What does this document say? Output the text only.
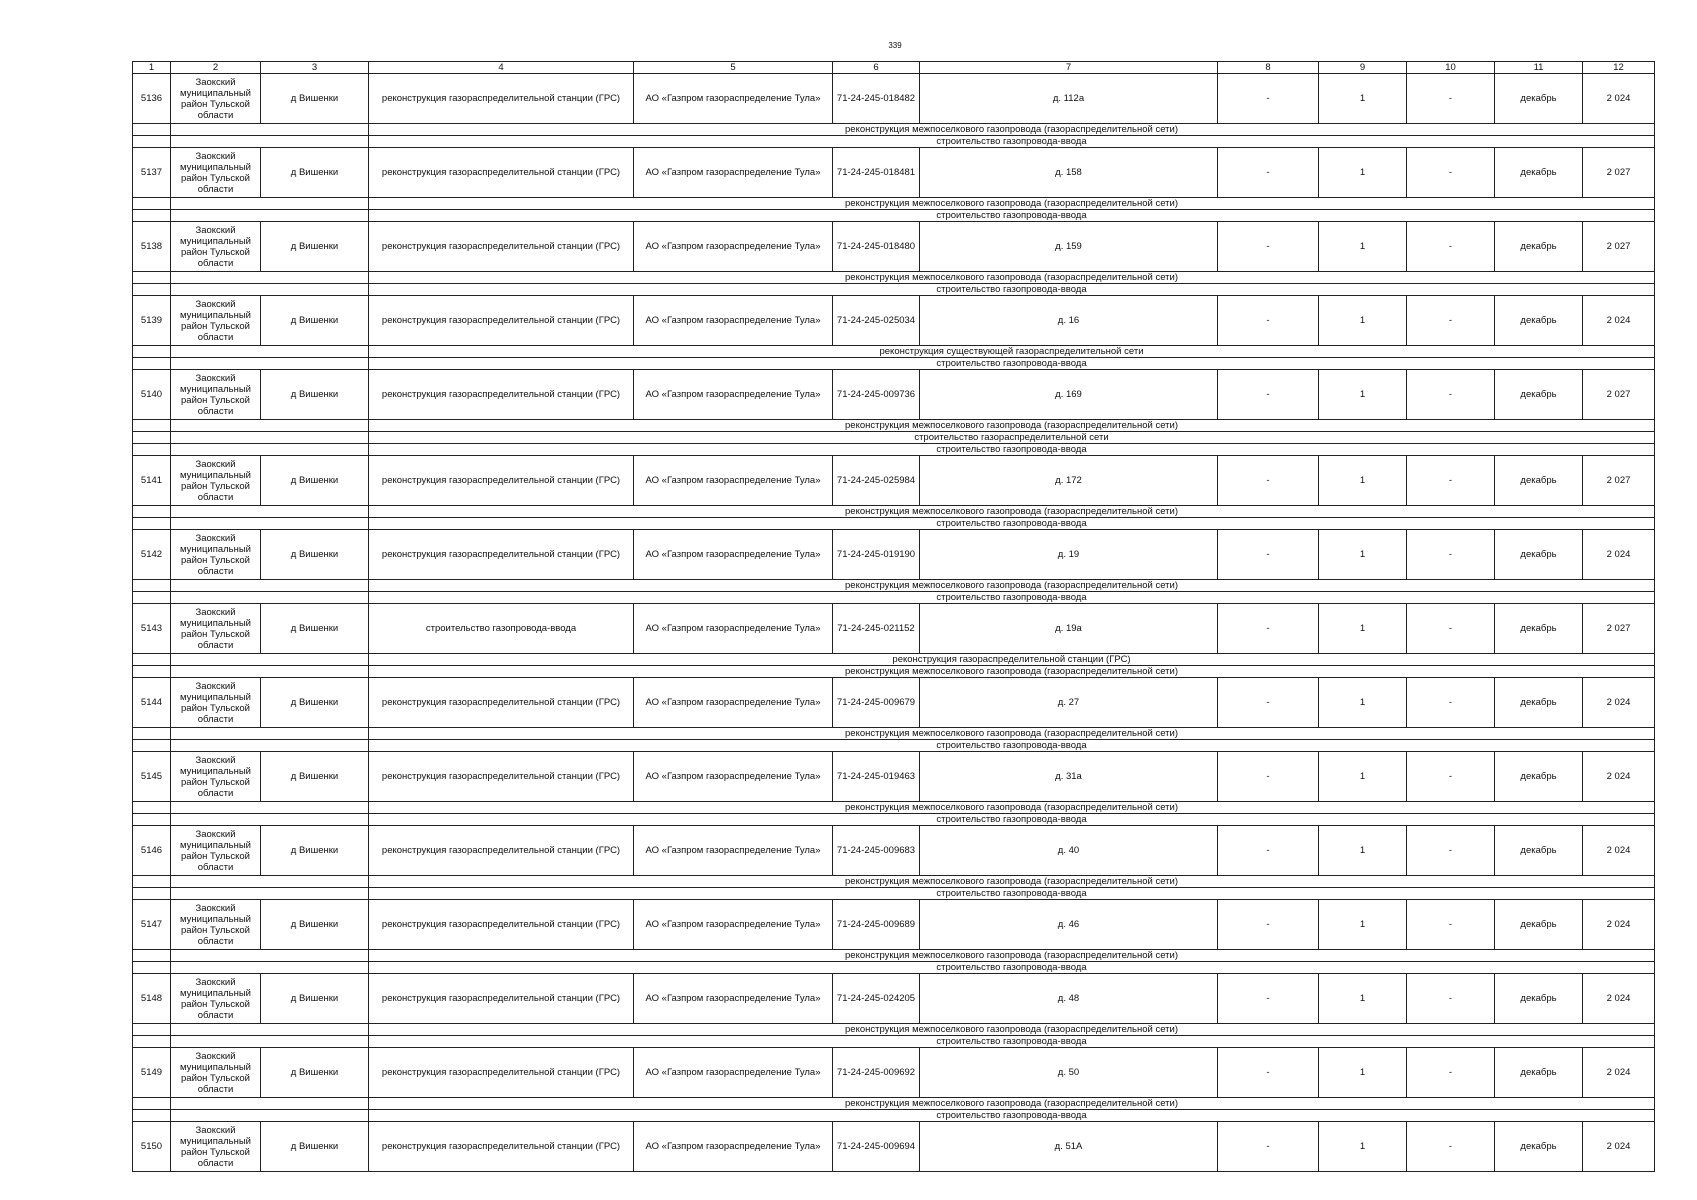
339
1	2	3	4	5	6	7	8	9	10	11	12
5136	Заокский муниципальный район Тульской области	д Вишенки	реконструкция газораспределительной станции (ГРС)	АО «Газпром газораспределение Тула»	71-24-245-018482	д. 112а	-	1	-	декабрь	2 024
			реконструкция межпоселкового газопровода (газораспределительной сети)								
			строительство газопровода-ввода								
5137	Заокский муниципальный район Тульской области	д Вишенки	реконструкция газораспределительной станции (ГРС)	АО «Газпром газораспределение Тула»	71-24-245-018481	д. 158	-	1	-	декабрь	2 027
			реконструкция межпоселкового газопровода (газораспределительной сети)								
			строительство газопровода-ввода								
5138	Заокский муниципальный район Тульской области	д Вишенки	реконструкция газораспределительной станции (ГРС)	АО «Газпром газораспределение Тула»	71-24-245-018480	д. 159	-	1	-	декабрь	2 027
			реконструкция межпоселкового газопровода (газораспределительной сети)								
			строительство газопровода-ввода								
5139	Заокский муниципальный район Тульской области	д Вишенки	реконструкция газораспределительной станции (ГРС)	АО «Газпром газораспределение Тула»	71-24-245-025034	д. 16	-	1	-	декабрь	2 024
			реконструкция существующей газораспределительной сети								
			строительство газопровода-ввода								
5140	Заокский муниципальный район Тульской области	д Вишенки	реконструкция газораспределительной станции (ГРС)	АО «Газпром газораспределение Тула»	71-24-245-009736	д. 169	-	1	-	декабрь	2 027
			реконструкция межпоселкового газопровода (газораспределительной сети)								
			строительство газораспределительной сети								
			строительство газопровода-ввода								
5141	Заокский муниципальный район Тульской области	д Вишенки	реконструкция газораспределительной станции (ГРС)	АО «Газпром газораспределение Тула»	71-24-245-025984	д. 172	-	1	-	декабрь	2 027
			реконструкция межпоселкового газопровода (газораспределительной сети)								
			строительство газопровода-ввода								
5142	Заокский муниципальный район Тульской области	д Вишенки	реконструкция газораспределительной станции (ГРС)	АО «Газпром газораспределение Тула»	71-24-245-019190	д. 19	-	1	-	декабрь	2 024
			реконструкция межпоселкового газопровода (газораспределительной сети)								
			строительство газопровода-ввода								
5143	Заокский муниципальный район Тульской области	д Вишенки	строительство газопровода-ввода	АО «Газпром газораспределение Тула»	71-24-245-021152	д. 19а	-	1	-	декабрь	2 027
			реконструкция газораспределительной станции (ГРС)								
			реконструкция межпоселкового газопровода (газораспределительной сети)								
5144	Заокский муниципальный район Тульской области	д Вишенки	реконструкция газораспределительной станции (ГРС)	АО «Газпром газораспределение Тула»	71-24-245-009679	д. 27	-	1	-	декабрь	2 024
			реконструкция межпоселкового газопровода (газораспределительной сети)								
			строительство газопровода-ввода								
5145	Заокский муниципальный район Тульской области	д Вишенки	реконструкция газораспределительной станции (ГРС)	АО «Газпром газораспределение Тула»	71-24-245-019463	д. 31а	-	1	-	декабрь	2 024
			реконструкция межпоселкового газопровода (газораспределительной сети)								
			строительство газопровода-ввода								
5146	Заокский муниципальный район Тульской области	д Вишенки	реконструкция газораспределительной станции (ГРС)	АО «Газпром газораспределение Тула»	71-24-245-009683	д. 40	-	1	-	декабрь	2 024
			реконструкция межпоселкового газопровода (газораспределительной сети)								
			строительство газопровода-ввода								
5147	Заокский муниципальный район Тульской области	д Вишенки	реконструкция газораспределительной станции (ГРС)	АО «Газпром газораспределение Тула»	71-24-245-009689	д. 46	-	1	-	декабрь	2 024
			реконструкция межпоселкового газопровода (газораспределительной сети)								
			строительство газопровода-ввода								
5148	Заокский муниципальный район Тульской области	д Вишенки	реконструкция газораспределительной станции (ГРС)	АО «Газпром газораспределение Тула»	71-24-245-024205	д. 48	-	1	-	декабрь	2 024
			реконструкция межпоселкового газопровода (газораспределительной сети)								
			строительство газопровода-ввода								
5149	Заокский муниципальный район Тульской области	д Вишенки	реконструкция газораспределительной станции (ГРС)	АО «Газпром газораспределение Тула»	71-24-245-009692	д. 50	-	1	-	декабрь	2 024
			реконструкция межпоселкового газопровода (газораспределительной сети)								
			строительство газопровода-ввода								
5150	Заокский муниципальный район Тульской области	д Вишенки	реконструкция газораспределительной станции (ГРС)	АО «Газпром газораспределение Тула»	71-24-245-009694	д. 51А	-	1	-	декабрь	2 024
